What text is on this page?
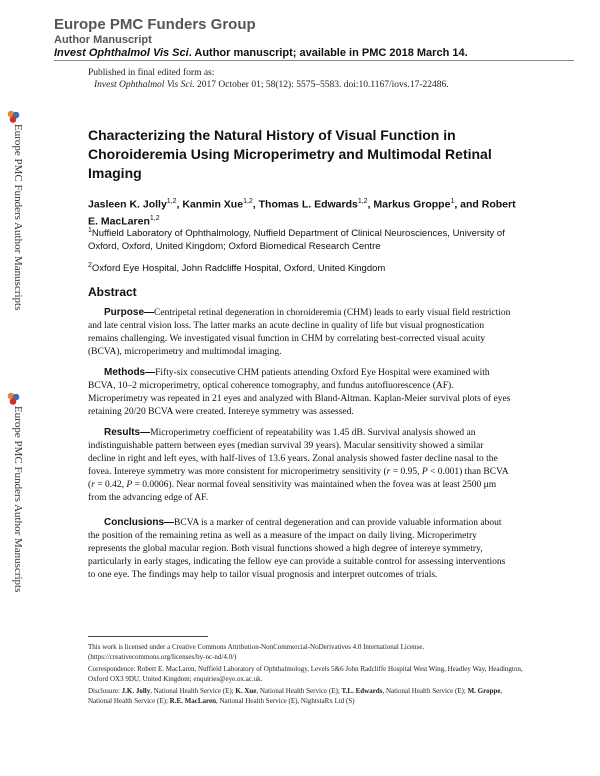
Europe PMC Funders Group
Author Manuscript
Invest Ophthalmol Vis Sci. Author manuscript; available in PMC 2018 March 14.
Published in final edited form as:
Invest Ophthalmol Vis Sci. 2017 October 01; 58(12): 5575–5583. doi:10.1167/iovs.17-22486.
Europe PMC Funders Author Manuscripts
Europe PMC Funders Author Manuscripts
Characterizing the Natural History of Visual Function in Choroideremia Using Microperimetry and Multimodal Retinal Imaging
Jasleen K. Jolly$^{1,2}$, Kanmin Xue$^{1,2}$, Thomas L. Edwards$^{1,2}$, Markus Groppe$^1$, and Robert E. MacLaren$^{1,2}$
$^1$Nuffield Laboratory of Ophthalmology, Nuffield Department of Clinical Neurosciences, University of Oxford, Oxford, United Kingdom; Oxford Biomedical Research Centre
$^2$Oxford Eye Hospital, John Radcliffe Hospital, Oxford, United Kingdom
Abstract
Purpose—Centripetal retinal degeneration in choroideremia (CHM) leads to early visual field restriction and late central vision loss. The latter marks an acute decline in quality of life but visual prognostication remains challenging. We investigated visual function in CHM by correlating best-corrected visual acuity (BCVA), microperimetry and multimodal imaging.
Methods—Fifty-six consecutive CHM patients attending Oxford Eye Hospital were examined with BCVA, 10–2 microperimetry, optical coherence tomography, and fundus autofluorescence (AF). Microperimetry was repeated in 21 eyes and analyzed with Bland-Altman. Kaplan-Meier survival plots of eyes retaining 20/20 BCVA were created. Intereye symmetry was assessed.
Results—Microperimetry coefficient of repeatability was 1.45 dB. Survival analysis showed an indistinguishable pattern between eyes (median survival 39 years). Macular sensitivity showed a similar decline in right and left eyes, with half-lives of 13.6 years. Zonal analysis showed faster decline nasal to the fovea. Intereye symmetry was more consistent for microperimetry sensitivity (r = 0.95, P < 0.001) than BCVA (r = 0.42, P = 0.0006). Near normal foveal sensitivity was maintained when the fovea was at least 2500 μm from the advancing edge of AF.
Conclusions—BCVA is a marker of central degeneration and can provide valuable information about the position of the remaining retina as well as a measure of the impact on daily living. Microperimetry represents the global macular region. Both visual functions showed a high degree of intereye symmetry, particularly in early stages, indicating the fellow eye can provide a suitable control for assessing interventions to one eye. The findings may help to tailor visual prognosis and interpret outcomes of trials.
This work is licensed under a Creative Commons Attribution-NonCommercial-NoDerivatives 4.0 International License. (https://creativecommons.org/licenses/by-nc-nd/4.0/)
Correspondence: Robert E. MacLaren, Nuffield Laboratory of Ophthalmology, Levels 5&6 John Radcliffe Hospital West Wing, Headley Way, Headington, Oxford OX3 9DU, United Kingdom; enquiries@eye.ox.ac.uk.
Disclosure: J.K. Jolly, National Health Service (E); K. Xue, National Health Service (E); T.L. Edwards, National Health Service (E); M. Groppe, National Health Service (E); R.E. MacLaren, National Health Service (E), NightstaRx Ltd (S)
